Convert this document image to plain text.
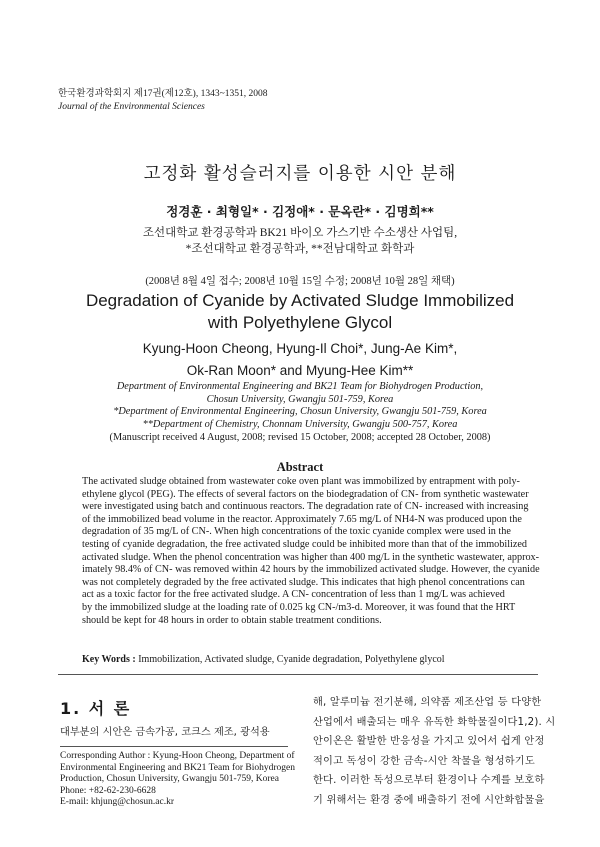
한국환경과학회지 제17권(제12호), 1343~1351, 2008
Journal of the Environmental Sciences
고정화 활성슬러지를 이용한 시안 분해
정경훈 · 최형일* · 김정애* · 문옥란* · 김명희**
조선대학교 환경공학과 BK21 바이오 가스기반 수소생산 사업팀,
*조선대학교 환경공학과, **전남대학교 화학과
(2008년 8월 4일 접수; 2008년 10월 15일 수정; 2008년 10월 28일 채택)
Degradation of Cyanide by Activated Sludge Immobilized
with Polyethylene Glycol
Kyung-Hoon Cheong, Hyung-Il Choi*, Jung-Ae Kim*,
Ok-Ran Moon* and Myung-Hee Kim**
Department of Environmental Engineering and BK21 Team for Biohydrogen Production,
Chosun University, Gwangju 501-759, Korea
*Department of Environmental Engineering, Chosun University, Gwangju 501-759, Korea
**Department of Chemistry, Chonnam University, Gwangju 500-757, Korea
(Manuscript received 4 August, 2008; revised 15 October, 2008; accepted 28 October, 2008)
Abstract
The activated sludge obtained from wastewater coke oven plant was immobilized by entrapment with poly-
ethylene glycol (PEG). The effects of several factors on the biodegradation of CN- from synthetic wastewater
were investigated using batch and continuous reactors. The degradation rate of CN- increased with increasing
of the immobilized bead volume in the reactor. Approximately 7.65 mg/L of NH4-N was produced upon the
degradation of 35 mg/L of CN-. When high concentrations of the toxic cyanide complex were used in the
testing of cyanide degradation, the free activated sludge could be inhibited more than that of the immobilized
activated sludge. When the phenol concentration was higher than 400 mg/L in the synthetic wastewater, approx-
imately 98.4% of CN- was removed within 42 hours by the immobilized activated sludge. However, the cyanide
was not completely degraded by the free activated sludge. This indicates that high phenol concentrations can
act as a toxic factor for the free activated sludge. A CN- concentration of less than 1 mg/L was achieved
by the immobilized sludge at the loading rate of 0.025 kg CN-/m3-d. Moreover, it was found that the HRT
should be kept for 48 hours in order to obtain stable treatment conditions.
Key Words : Immobilization, Activated sludge, Cyanide degradation, Polyethylene glycol
1. 서 론
대부분의 시안은 금속가공, 코크스 제조, 광석용
Corresponding Author : Kyung-Hoon Cheong, Department of
Environmental Engineering and BK21 Team for Biohydrogen
Production, Chosun University, Gwangju 501-759, Korea
Phone: +82-62-230-6628
E-mail: khjung@chosun.ac.kr
해, 알루미늄 전기분해, 의약품 제조산업 등 다양한
산업에서 배출되는 매우 유독한 화학물질이다1,2). 시
안이온은 활발한 반응성을 가지고 있어서 쉽게 안정
적이고 독성이 강한 금속-시안 착물을 형성하기도
한다. 이러한 독성으로부터 환경이나 수계를 보호하
기 위해서는 환경 중에 배출하기 전에 시안화합물을
